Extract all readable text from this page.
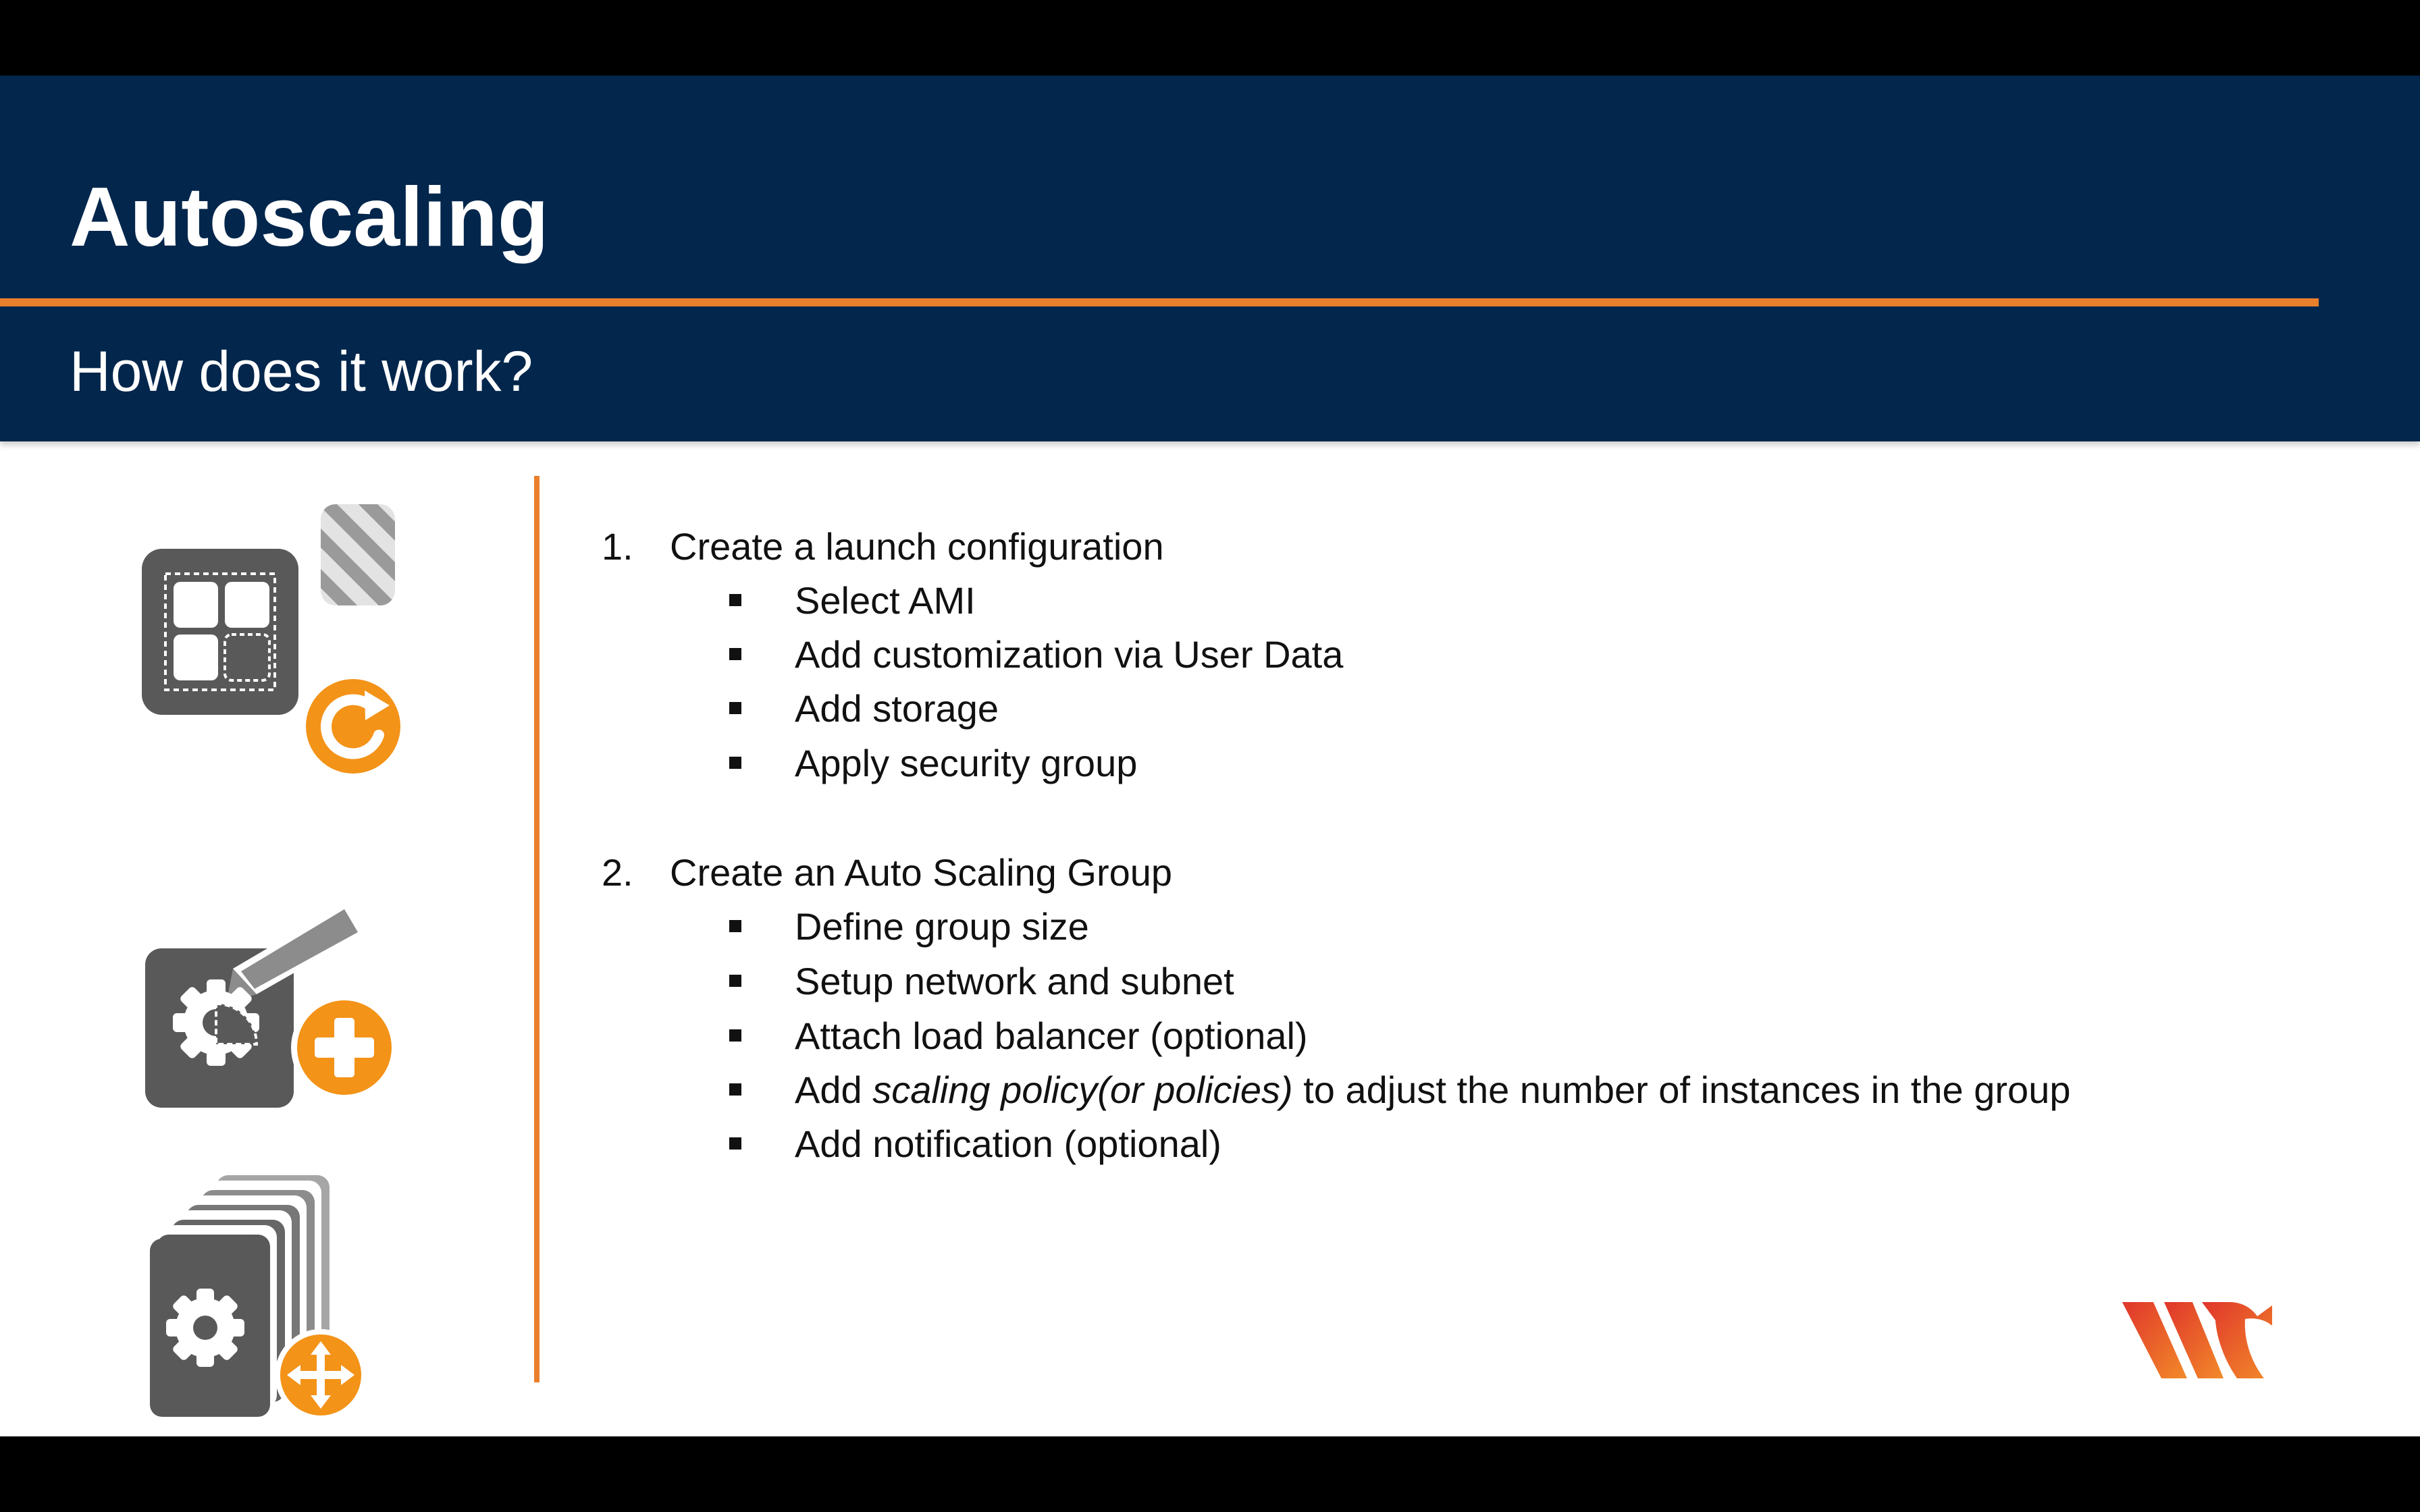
Autoscaling
How does it work?
1. Create a launch configuration
Select AMI
Add customization via User Data
Add storage
Apply security group
2. Create an Auto Scaling Group
Define group size
Setup network and subnet
Attach load balancer (optional)
Add scaling policy(or policies) to adjust the number of instances in the group
Add notification (optional)
